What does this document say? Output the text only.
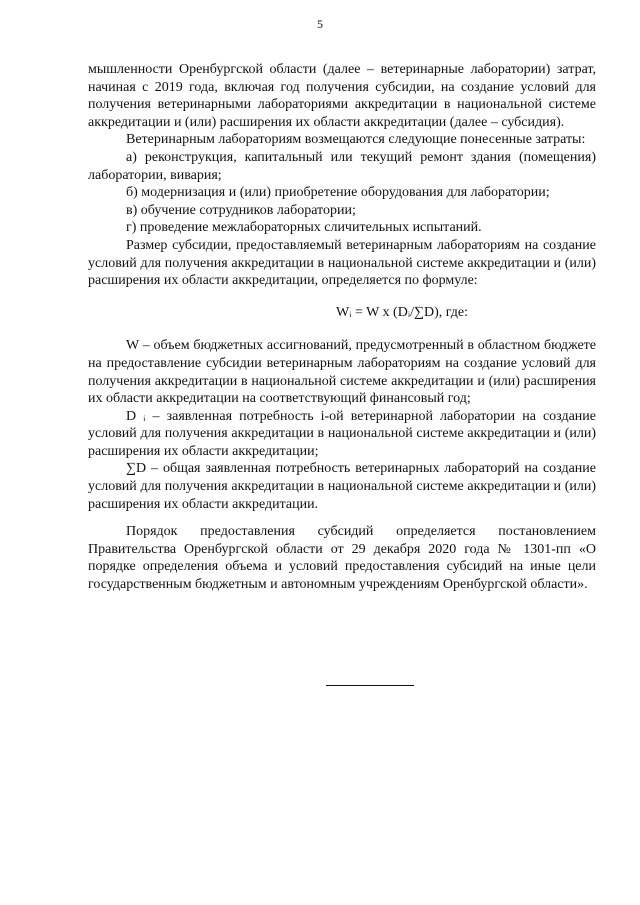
5

мышленности Оренбургской области (далее – ветеринарные лаборатории) затрат, начиная с 2019 года, включая год получения субсидии, на создание условий для получения ветеринарными лабораториями аккредитации в национальной системе аккредитации и (или) расширения их области аккредитации (далее – субсидия).

Ветеринарным лабораториям возмещаются следующие понесенные затраты:

а) реконструкция, капитальный или текущий ремонт здания (помещения) лаборатории, вивария;

б) модернизация и (или) приобретение оборудования для лаборатории;

в) обучение сотрудников лаборатории;

г) проведение межлабораторных сличительных испытаний.

Размер субсидии, предоставляемый ветеринарным лабораториям на создание условий для получения аккредитации в национальной системе аккредитации и (или) расширения их области аккредитации, определяется по формуле:

Wᵢ = W x (Dᵢ/∑D), где:

W – объем бюджетных ассигнований, предусмотренный в областном бюджете на предоставление субсидии ветеринарным лабораториям на создание условий для получения аккредитации в национальной системе аккредитации и (или) расширения их области аккредитации на соответствующий финансовый год;

D ᵢ – заявленная потребность i-ой ветеринарной лаборатории на создание условий для получения аккредитации в национальной системе аккредитации и (или) расширения их области аккредитации;

∑D – общая заявленная потребность ветеринарных лабораторий на создание условий для получения аккредитации в национальной системе аккредитации и (или) расширения их области аккредитации.

Порядок предоставления субсидий определяется постановлением Правительства Оренбургской области от 29 декабря 2020 года № 1301-пп «О порядке определения объема и условий предоставления субсидий на иные цели государственным бюджетным и автономным учреждениям Оренбургской области».
